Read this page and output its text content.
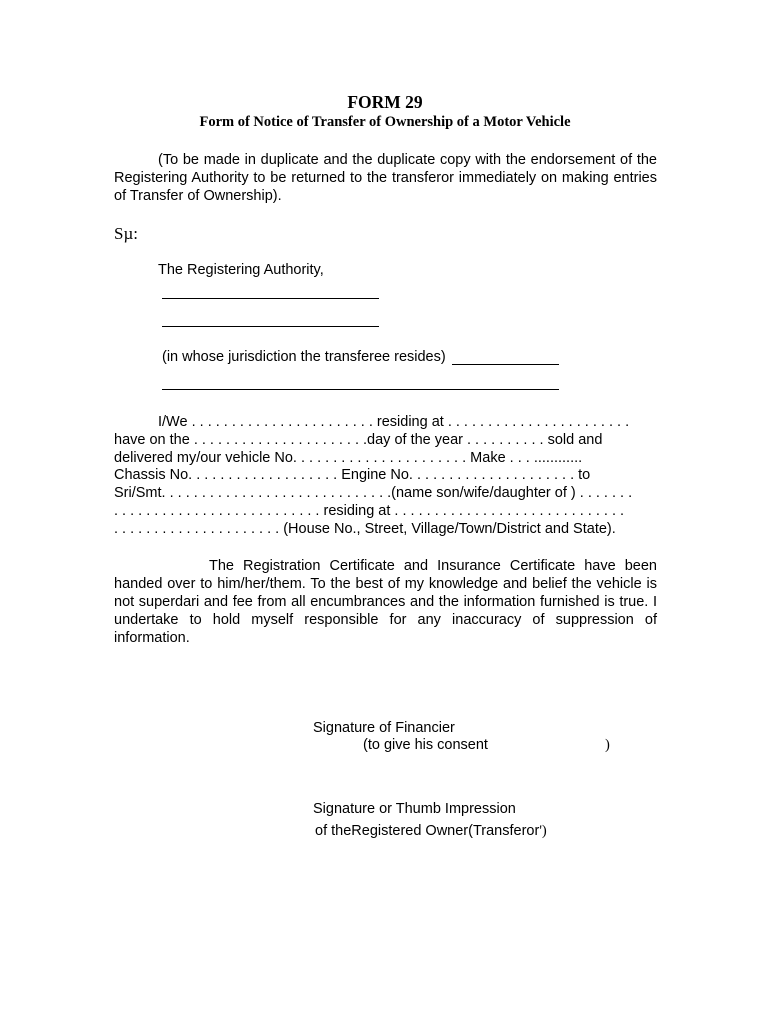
FORM 29
Form of Notice of Transfer of Ownership of a Motor Vehicle
(To be made in duplicate and the duplicate copy with the endorsement of the Registering Authority to be returned to the transferor immediately on making entries of Transfer of Ownership).
Sµ:
The Registering Authority,
(in whose jurisdiction the transferee resides)
I/We . . . . . . . . . . . . . . . . . . . . . . . residing at . . . . . . . . . . . . . . . . . . . . . . .
have on the . . . . . . . . . . . . . . . . . . . . . .day of the year . . . . . . . . . . sold and
delivered my/our vehicle No. . . . . . . . . . . . . . . . . . . . . . Make . . . ............
Chassis No. . . . . . . . . . . . . . . . . . . Engine No. . . . . . . . . . . . . . . . . . . . . to
Sri/Smt. . . . . . . . . . . . . . . . . . . . . . . . . . . . .(name son/wife/daughter of ) . . . . . . .
. . . . . . . . . . . . . . . . . . . . . . . . . . residing at . . . . . . . . . . . . . . . . . . . . . . . . . . . . .
. . . . . . . . . . . . . . . . . . . . . (House No., Street, Village/Town/District and State).
The Registration Certificate and Insurance Certificate have been handed over to him/her/them. To the best of my knowledge and belief the vehicle is not superdari and fee from all encumbrances and the information furnished is true. I undertake to hold myself responsible for any inaccuracy of suppression of information.
Signature of Financier
(to give his consent	)
Signature or Thumb Impression
of theRegistered Owner(Transferor')
